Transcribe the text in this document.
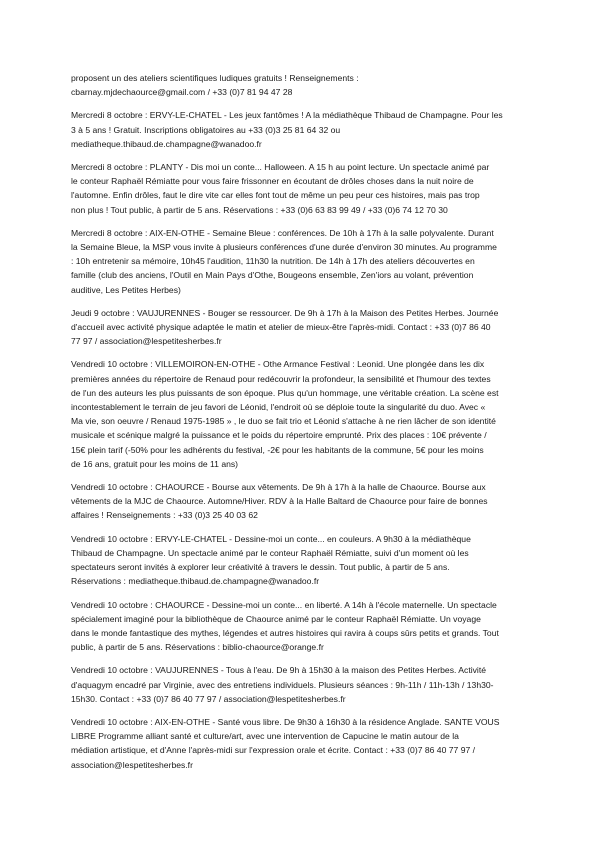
proposent un des ateliers scientifiques ludiques gratuits ! Renseignements :

cbarnay.mjdechaource@gmail.com / +33 (0)7 81 94 47 28

Mercredi 8 octobre : ERVY-LE-CHATEL - Les jeux fantômes ! A la médiathèque Thibaud de Champagne. Pour les

3 à 5 ans ! Gratuit. Inscriptions obligatoires au +33 (0)3 25 81 64 32 ou

mediatheque.thibaud.de.champagne@wanadoo.fr

Mercredi 8 octobre : PLANTY - Dis moi un conte... Halloween. A 15 h au point lecture. Un spectacle animé par

le conteur Raphaël Rémiatte pour vous faire frissonner en écoutant de drôles choses dans la nuit noire de

l'automne. Enfin drôles, faut le dire vite car elles font tout de même un peu peur ces histoires, mais pas trop

non plus ! Tout public, à partir de 5 ans. Réservations : +33 (0)6 63 83 99 49 / +33 (0)6 74 12 70 30

Mercredi 8 octobre : AIX-EN-OTHE - Semaine Bleue : conférences. De 10h à 17h à la salle polyvalente. Durant

la Semaine Bleue, la MSP vous invite à plusieurs conférences d'une durée d'environ 30 minutes. Au programme

: 10h entretenir sa mémoire, 10h45 l'audition, 11h30 la nutrition. De 14h à 17h des ateliers découvertes en

famille (club des anciens, l'Outil en Main Pays d'Othe, Bougeons ensemble, Zen'iors au volant, prévention

auditive, Les Petites Herbes)

Jeudi 9 octobre : VAUJURENNES - Bouger se ressourcer. De 9h à 17h à la Maison des Petites Herbes. Journée

d'accueil avec activité physique adaptée le matin et atelier de mieux-être l'après-midi. Contact : +33 (0)7 86 40

77 97 / association@lespetitesherbes.fr

Vendredi 10 octobre : VILLEMOIRON-EN-OTHE - Othe Armance Festival : Leonid. Une plongée dans les dix

premières années du répertoire de Renaud pour redécouvrir la profondeur, la sensibilité et l'humour des textes

de l'un des auteurs les plus puissants de son époque. Plus qu'un hommage, une véritable création. La scène est

incontestablement le terrain de jeu favori de Léonid, l'endroit où se déploie toute la singularité du duo. Avec «

Ma vie, son oeuvre / Renaud 1975-1985 » , le duo se fait trio et Léonid s'attache à ne rien lâcher de son identité

musicale et scénique malgré la puissance et le poids du répertoire emprunté. Prix des places : 10€ prévente /

15€ plein tarif (-50% pour les adhérents du festival, -2€ pour les habitants de la commune, 5€ pour les moins

de 16 ans, gratuit pour les moins de 11 ans)

Vendredi 10 octobre : CHAOURCE - Bourse aux vêtements. De 9h à 17h à la halle de Chaource. Bourse aux

vêtements de la MJC de Chaource. Automne/Hiver. RDV à la Halle Baltard de Chaource pour faire de bonnes

affaires ! Renseignements : +33 (0)3 25 40 03 62

Vendredi 10 octobre : ERVY-LE-CHATEL - Dessine-moi un conte... en couleurs. A 9h30 à la médiathèque

Thibaud de Champagne. Un spectacle animé par le conteur Raphaël Rémiatte, suivi d'un moment où les

spectateurs seront invités à explorer leur créativité à travers le dessin. Tout public, à partir de 5 ans.

Réservations : mediatheque.thibaud.de.champagne@wanadoo.fr

Vendredi 10 octobre : CHAOURCE - Dessine-moi un conte... en liberté. A 14h à l'école maternelle. Un spectacle

spécialement imaginé pour la bibliothèque de Chaource animé par le conteur Raphaël Rémiatte. Un voyage

dans le monde fantastique des mythes, légendes et autres histoires qui ravira à coups sûrs petits et grands. Tout

public, à partir de 5 ans. Réservations : biblio-chaource@orange.fr

Vendredi 10 octobre : VAUJURENNES - Tous à l'eau. De 9h à 15h30 à la maison des Petites Herbes. Activité

d'aquagym encadré par Virginie, avec des entretiens individuels. Plusieurs séances : 9h-11h / 11h-13h / 13h30-

15h30. Contact : +33 (0)7 86 40 77 97 / association@lespetitesherbes.fr

Vendredi 10 octobre : AIX-EN-OTHE - Santé vous libre. De 9h30 à 16h30 à la résidence Anglade. SANTE VOUS

LIBRE Programme alliant santé et culture/art, avec une intervention de Capucine le matin autour de la

médiation artistique, et d'Anne l'après-midi sur l'expression orale et écrite. Contact : +33 (0)7 86 40 77 97 /

association@lespetitesherbes.fr
